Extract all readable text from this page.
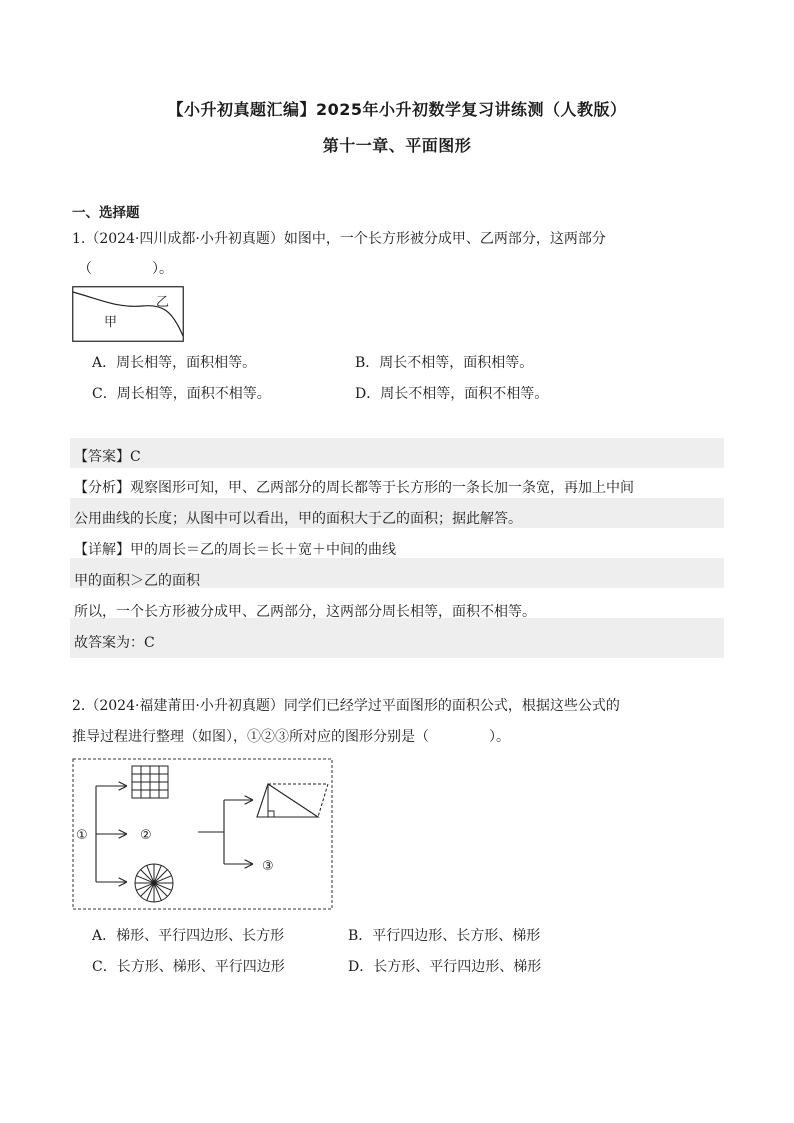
【小升初真题汇编】2025年小升初数学复习讲练测（人教版）
第十一章、平面图形
一、选择题
1.（2024·四川成都·小升初真题）如图中，一个长方形被分成甲、乙两部分，这两部分
（	）。
乙
甲
A．周长相等，面积相等。	B．周长不相等，面积相等。
C．周长相等，面积不相等。	D．周长不相等，面积不相等。
【答案】C
【分析】观察图形可知，甲、乙两部分的周长都等于长方形的一条长加一条宽，再加上中间
公用曲线的长度；从图中可以看出，甲的面积大于乙的面积；据此解答。
【详解】甲的周长＝乙的周长＝长＋宽＋中间的曲线
甲的面积＞乙的面积
所以，一个长方形被分成甲、乙两部分，这两部分周长相等，面积不相等。
故答案为：C
2.（2024·福建莆田·小升初真题）同学们已经学过平面图形的面积公式，根据这些公式的
推导过程进行整理（如图），①②③所对应的图形分别是（	）。
①	②
③
A．梯形、平行四边形、长方形	B．平行四边形、长方形、梯形
C．长方形、梯形、平行四边形	D．长方形、平行四边形、梯形
